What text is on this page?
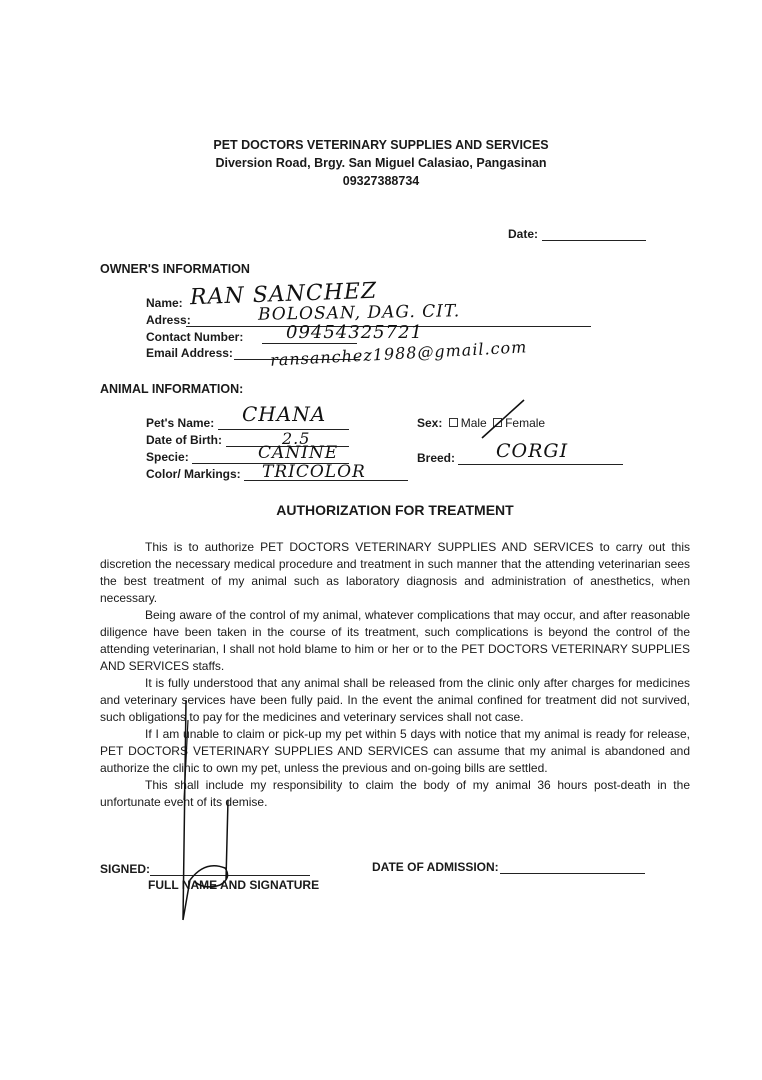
PET DOCTORS VETERINARY SUPPLIES AND SERVICES
Diversion Road, Brgy. San Miguel Calasiao, Pangasinan
09327388734
Date:
OWNER'S INFORMATION
Name: RAN SANCHEZ
Adress:	BOLOSAN, DAG. CIT.
Contact Number: 09454325721
Email Address: ransanchez1988@gmail.com
ANIMAL INFORMATION:
Pet's Name: CHANA
Date of Birth:	2.5
Specie:	CANINE
Color/ Markings: TRICOLOR
Sex: Male Female
Breed: CORGI
AUTHORIZATION FOR TREATMENT

This is to authorize PET DOCTORS VETERINARY SUPPLIES AND SERVICES to carry out this discretion the necessary medical procedure and treatment in such manner that the attending veterinarian sees the best treatment of my animal such as laboratory diagnosis and administration of anesthetics, when necessary.

Being aware of the control of my animal, whatever complications that may occur, and after reasonable diligence have been taken in the course of its treatment, such complications is beyond the control of the attending veterinarian, I shall not hold blame to him or her or to the PET DOCTORS VETERINARY SUPPLIES AND SERVICES staffs.

It is fully understood that any animal shall be released from the clinic only after charges for medicines and veterinary services have been fully paid. In the event the animal confined for treatment did not survived, such obligations to pay for the medicines and veterinary services shall not case.

If I am unable to claim or pick-up my pet within 5 days with notice that my animal is ready for release, PET DOCTORS VETERINARY SUPPLIES AND SERVICES can assume that my animal is abandoned and authorize the clinic to own my pet, unless the previous and on-going bills are settled.

This shall include my responsibility to claim the body of my animal 36 hours post-death in the unfortunate event of its demise.

SIGNED:
FULL NAME AND SIGNATURE
DATE OF ADMISSION:
